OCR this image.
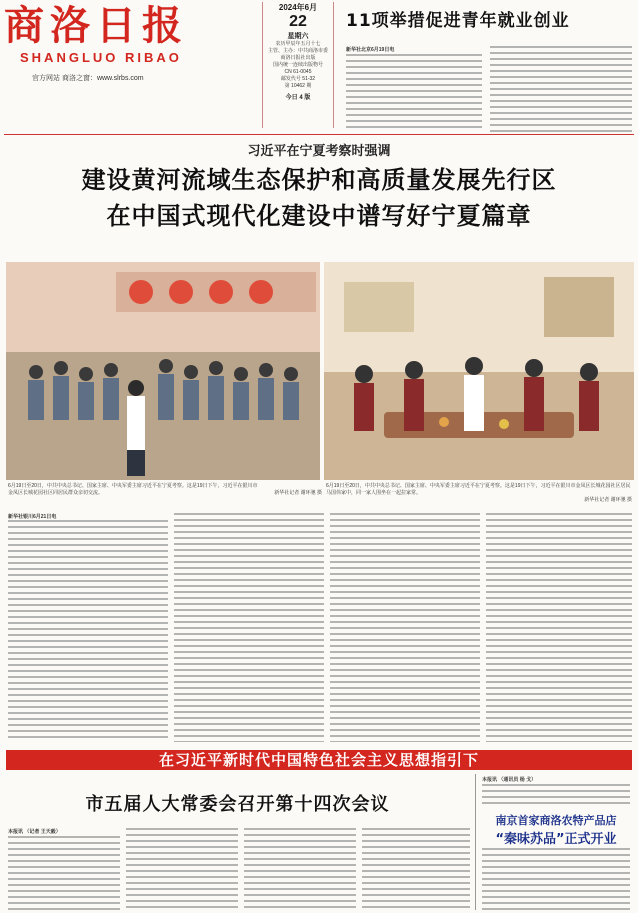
商洛日报
SHANGLUO RIBAO
官方网站 商洛之窗：www.slrbs.com
2024年6月
22
星期六
农历甲辰年五月十七
主管、主办：中共商洛市委
商洛日报社出版
国内统一连续出版物号
CN 61-0045
邮发代号 51-32
第 10462 期
今日 4 版
11项举措促进青年就业创业
新华社北京6月19日电
习近平在宁夏考察时强调
建设黄河流域生态保护和高质量发展先行区
在中国式现代化建设中谱写好宁夏篇章
6月19日至20日，中共中央总书记、国家主席、中央军委主席习近平在宁夏考察。这是19日下午，习近平在银川市金凤区长城花园社区同居民群众亲切交流。	新华社记者 谢环驰 摄
6月19日至20日，中共中央总书记、国家主席、中央军委主席习近平在宁夏考察。这是19日下午，习近平在银川市金凤区长城花园社区居民马国伟家中，同一家人围坐在一起拉家常。
新华社记者 谢环驰 摄
新华社银川6月21日电
在习近平新时代中国特色社会主义思想指引下
市五届人大常委会召开第十四次会议
本报讯 （记者 王天毅）
本报讯 （通讯员 杨 戈）
南京首家商洛农特产品店
“秦味苏品”正式开业
